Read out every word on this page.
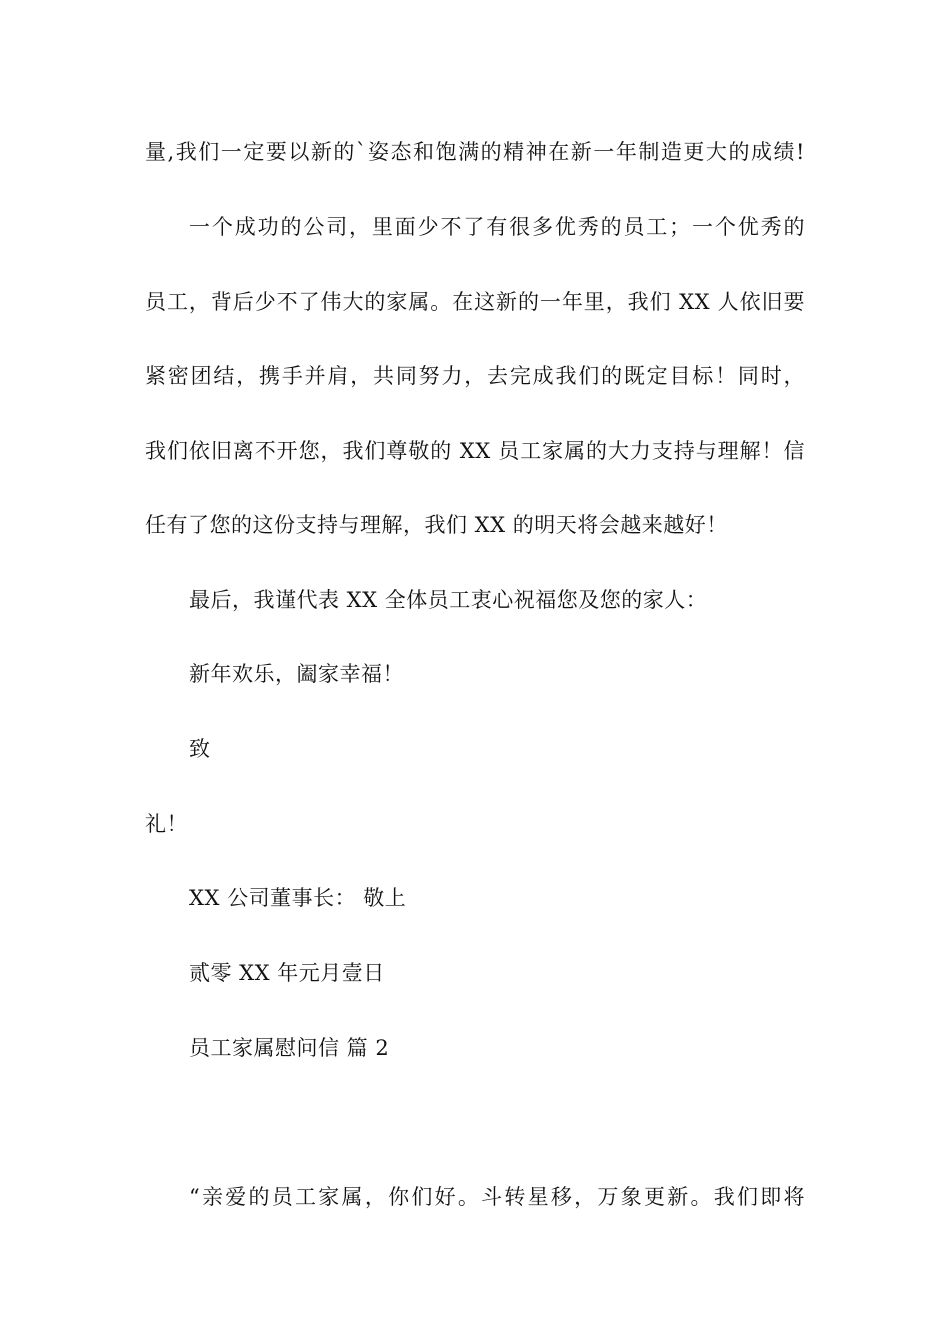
量,我们一定要以新的`姿态和饱满的精神在新一年制造更大的成绩!
一个成功的公司，里面少不了有很多优秀的员工；一个优秀的
员工，背后少不了伟大的家属。在这新的一年里，我们 XX 人依旧要
紧密团结，携手并肩，共同努力，去完成我们的既定目标！同时，
我们依旧离不开您，我们尊敬的 XX 员工家属的大力支持与理解！信
任有了您的这份支持与理解，我们 XX 的明天将会越来越好！
最后，我谨代表 XX 全体员工衷心祝福您及您的家人：
新年欢乐，阖家幸福！
致
礼！
XX 公司董事长： 敬上
贰零 XX 年元月壹日
员工家属慰问信 篇 2
“亲爱的员工家属，你们好。斗转星移，万象更新。我们即将
